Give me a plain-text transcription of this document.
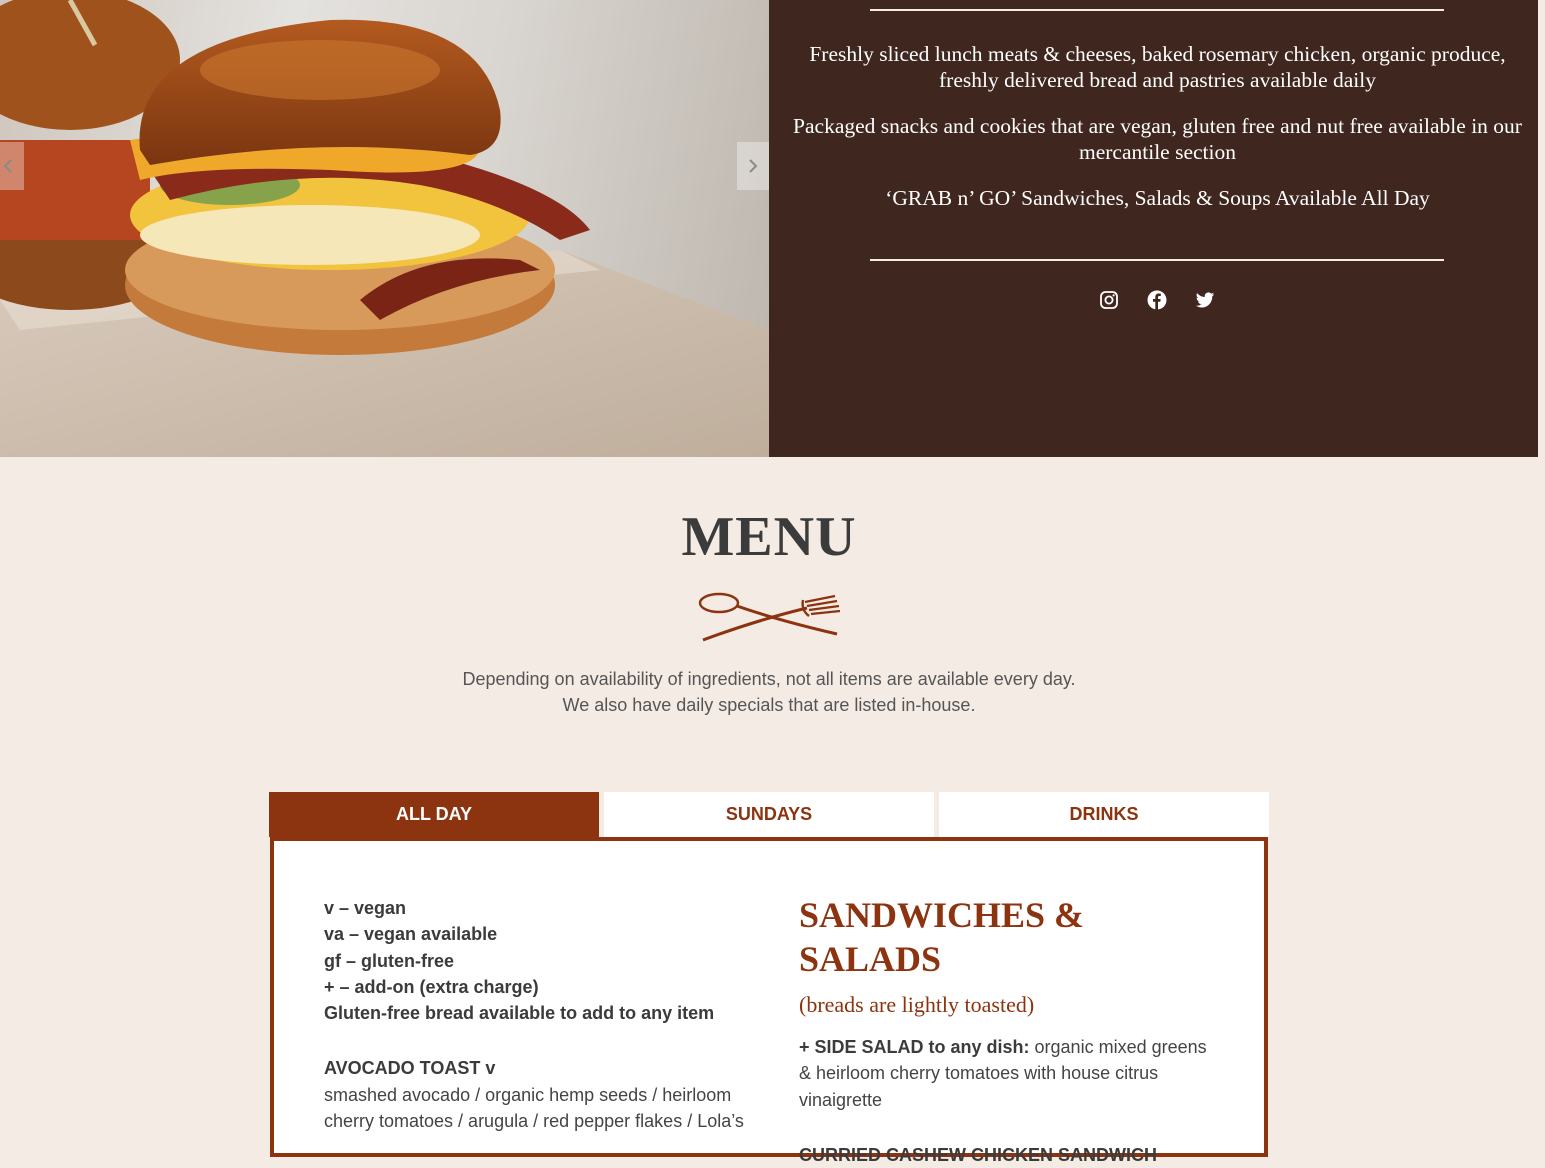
Freshly sliced lunch meats & cheeses, baked rosemary chicken, organic produce, freshly delivered bread and pastries available daily

Packaged snacks and cookies that are vegan, gluten free and nut free available in our mercantile section

‘GRAB n’ GO’ Sandwiches, Salads & Soups Available All Day

MENU
Depending on availability of ingredients, not all items are available every day.
We also have daily specials that are listed in-house.
ALL DAY	SUNDAYS	DRINKS
v – vegan
va – vegan available
gf – gluten-free
+ – add-on (extra charge)
Gluten-free bread available to add to any item
AVOCADO TOAST v
smashed avocado / organic hemp seeds / heirloom cherry tomatoes / arugula / red pepper flakes / Lola’s
SANDWICHES & SALADS
(breads are lightly toasted)
+ SIDE SALAD to any dish: organic mixed greens & heirloom cherry tomatoes with house citrus vinaigrette
CURRIED CASHEW CHICKEN SANDWICH
